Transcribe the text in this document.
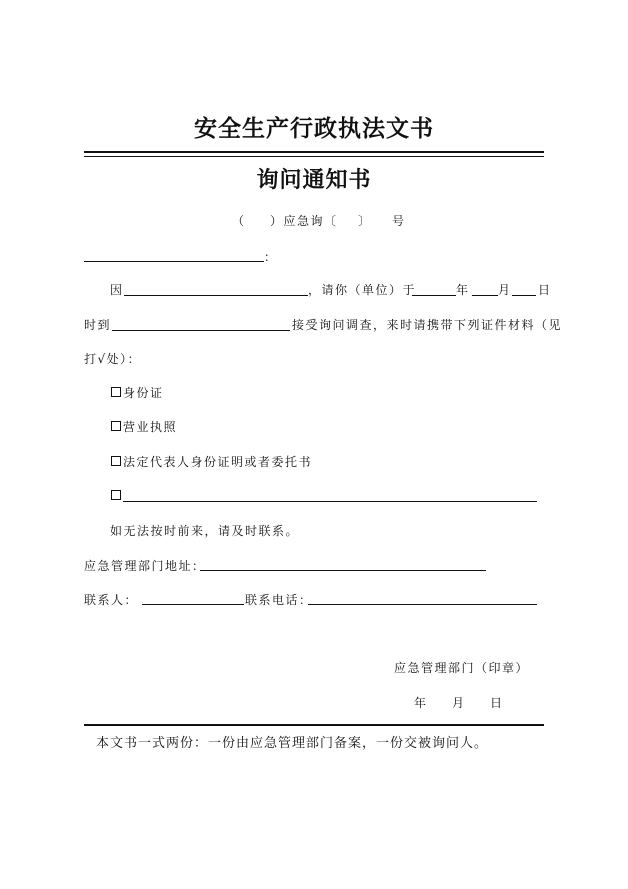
安全生产行政执法文书
询问通知书
（ ）应急询〔 〕 号
：
因	，请你（单位）于	年 月 日
时到	接受询问调查，来时请携带下列证件材料（见
打√处）：
身份证
营业执照
法定代表人身份证明或者委托书
如无法按时前来，请及时联系。
应急管理部门地址：
联系人：	联系电话：
应急管理部门（印章）
年 月 日
本文书一式两份：一份由应急管理部门备案，一份交被询问人。
